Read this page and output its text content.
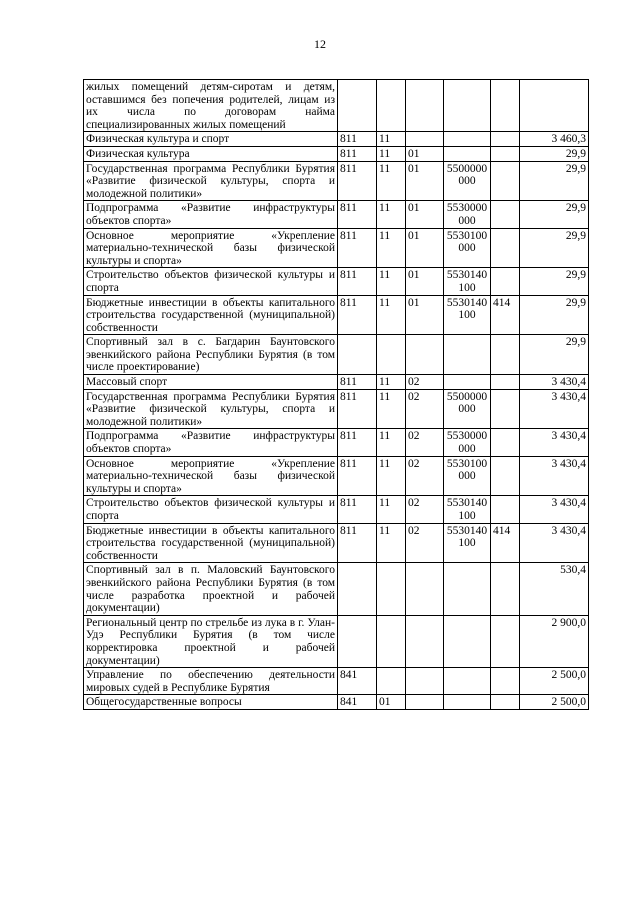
12
жилых помещений детям-сиротам и детям, оставшимся без попечения родителей, лицам из их числа по договорам найма специализированных жилых помещений						
Физическая культура и спорт	811	11				3 460,3
Физическая культура	811	11	01			29,9
Государственная программа Республики Бурятия «Развитие физической культуры, спорта и молодежной политики»	811	11	01	5500000 000		29,9
Подпрограмма «Развитие инфраструктуры объектов спорта»	811	11	01	5530000 000		29,9
Основное мероприятие «Укрепление материально-технической базы физической культуры и спорта»	811	11	01	5530100 000		29,9
Строительство объектов физической культуры и спорта	811	11	01	5530140 100		29,9
Бюджетные инвестиции в объекты капитального строительства государственной (муниципальной) собственности	811	11	01	5530140 100	414	29,9
Спортивный зал в с. Багдарин Баунтовского эвенкийского района Республики Бурятия (в том числе проектирование)						29,9
Массовый спорт	811	11	02			3 430,4
Государственная программа Республики Бурятия «Развитие физической культуры, спорта и молодежной политики»	811	11	02	5500000 000		3 430,4
Подпрограмма «Развитие инфраструктуры объектов спорта»	811	11	02	5530000 000		3 430,4
Основное мероприятие «Укрепление материально-технической базы физической культуры и спорта»	811	11	02	5530100 000		3 430,4
Строительство объектов физической культуры и спорта	811	11	02	5530140 100		3 430,4
Бюджетные инвестиции в объекты капитального строительства государственной (муниципальной) собственности	811	11	02	5530140 100	414	3 430,4
Спортивный зал в п. Маловский Баунтовского эвенкийского района Республики Бурятия (в том числе разработка проектной и рабочей документации)						530,4
Региональный центр по стрельбе из лука в г. Улан-Удэ Республики Бурятия (в том числе корректировка проектной и рабочей документации)						2 900,0
Управление по обеспечению деятельности мировых судей в Республике Бурятия	841					2 500,0
Общегосударственные вопросы	841	01				2 500,0
